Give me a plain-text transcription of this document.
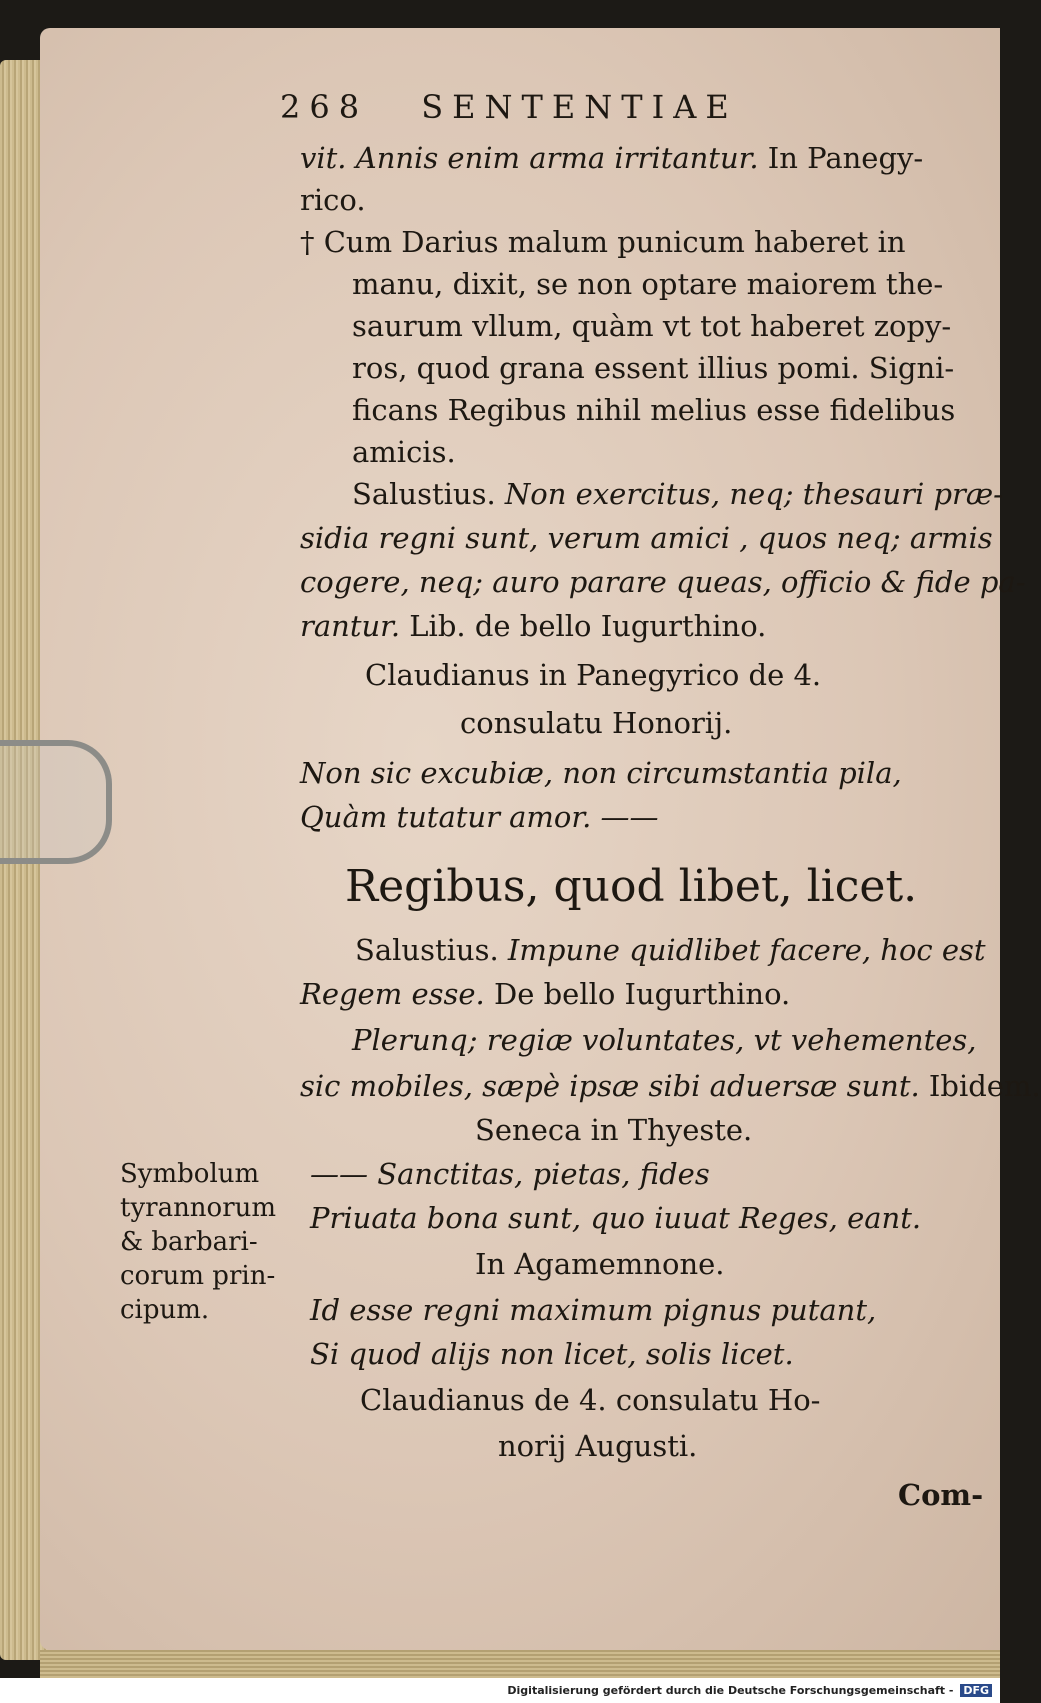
268 SENTENTIAE
vit. Annis enim arma irritantur. In Panegy-
rico.
† Cum Darius malum punicum haberet in
manu, dixit, se non optare maiorem the-
saurum vllum, quàm vt tot haberet zopy-
ros, quod grana essent illius pomi. Signi-
ficans Regibus nihil melius esse fidelibus
amicis.
Salustius. Non exercitus, neq; thesauri præ-
sidia regni sunt, verum amici , quos neq; armis
cogere, neq; auro parare queas, officio & fide pa-
rantur. Lib. de bello Iugurthino.
Claudianus in Panegyrico de 4.
consulatu Honorij.
Non sic excubiæ, non circumstantia pila,
Quàm tutatur amor. ——
Regibus, quod libet, licet.
Salustius. Impune quidlibet facere, hoc est
Regem esse. De bello Iugurthino.
Plerunq; regiæ voluntates, vt vehementes,
sic mobiles, sæpè ipsæ sibi aduersæ sunt. Ibidem.
Seneca in Thyeste.
—— Sanctitas, pietas, fides
Priuata bona sunt, quo iuuat Reges, eant.
In Agamemnone.
Id esse regni maximum pignus putant,
Si quod alijs non licet, solis licet.
Claudianus de 4. consulatu Ho-
norij Augusti.
Com-
Symbolum
tyrannorum
& barbari-
corum prin-
cipum.
Digitalisierung gefördert durch die Deutsche Forschungsgemeinschaft - DFG
